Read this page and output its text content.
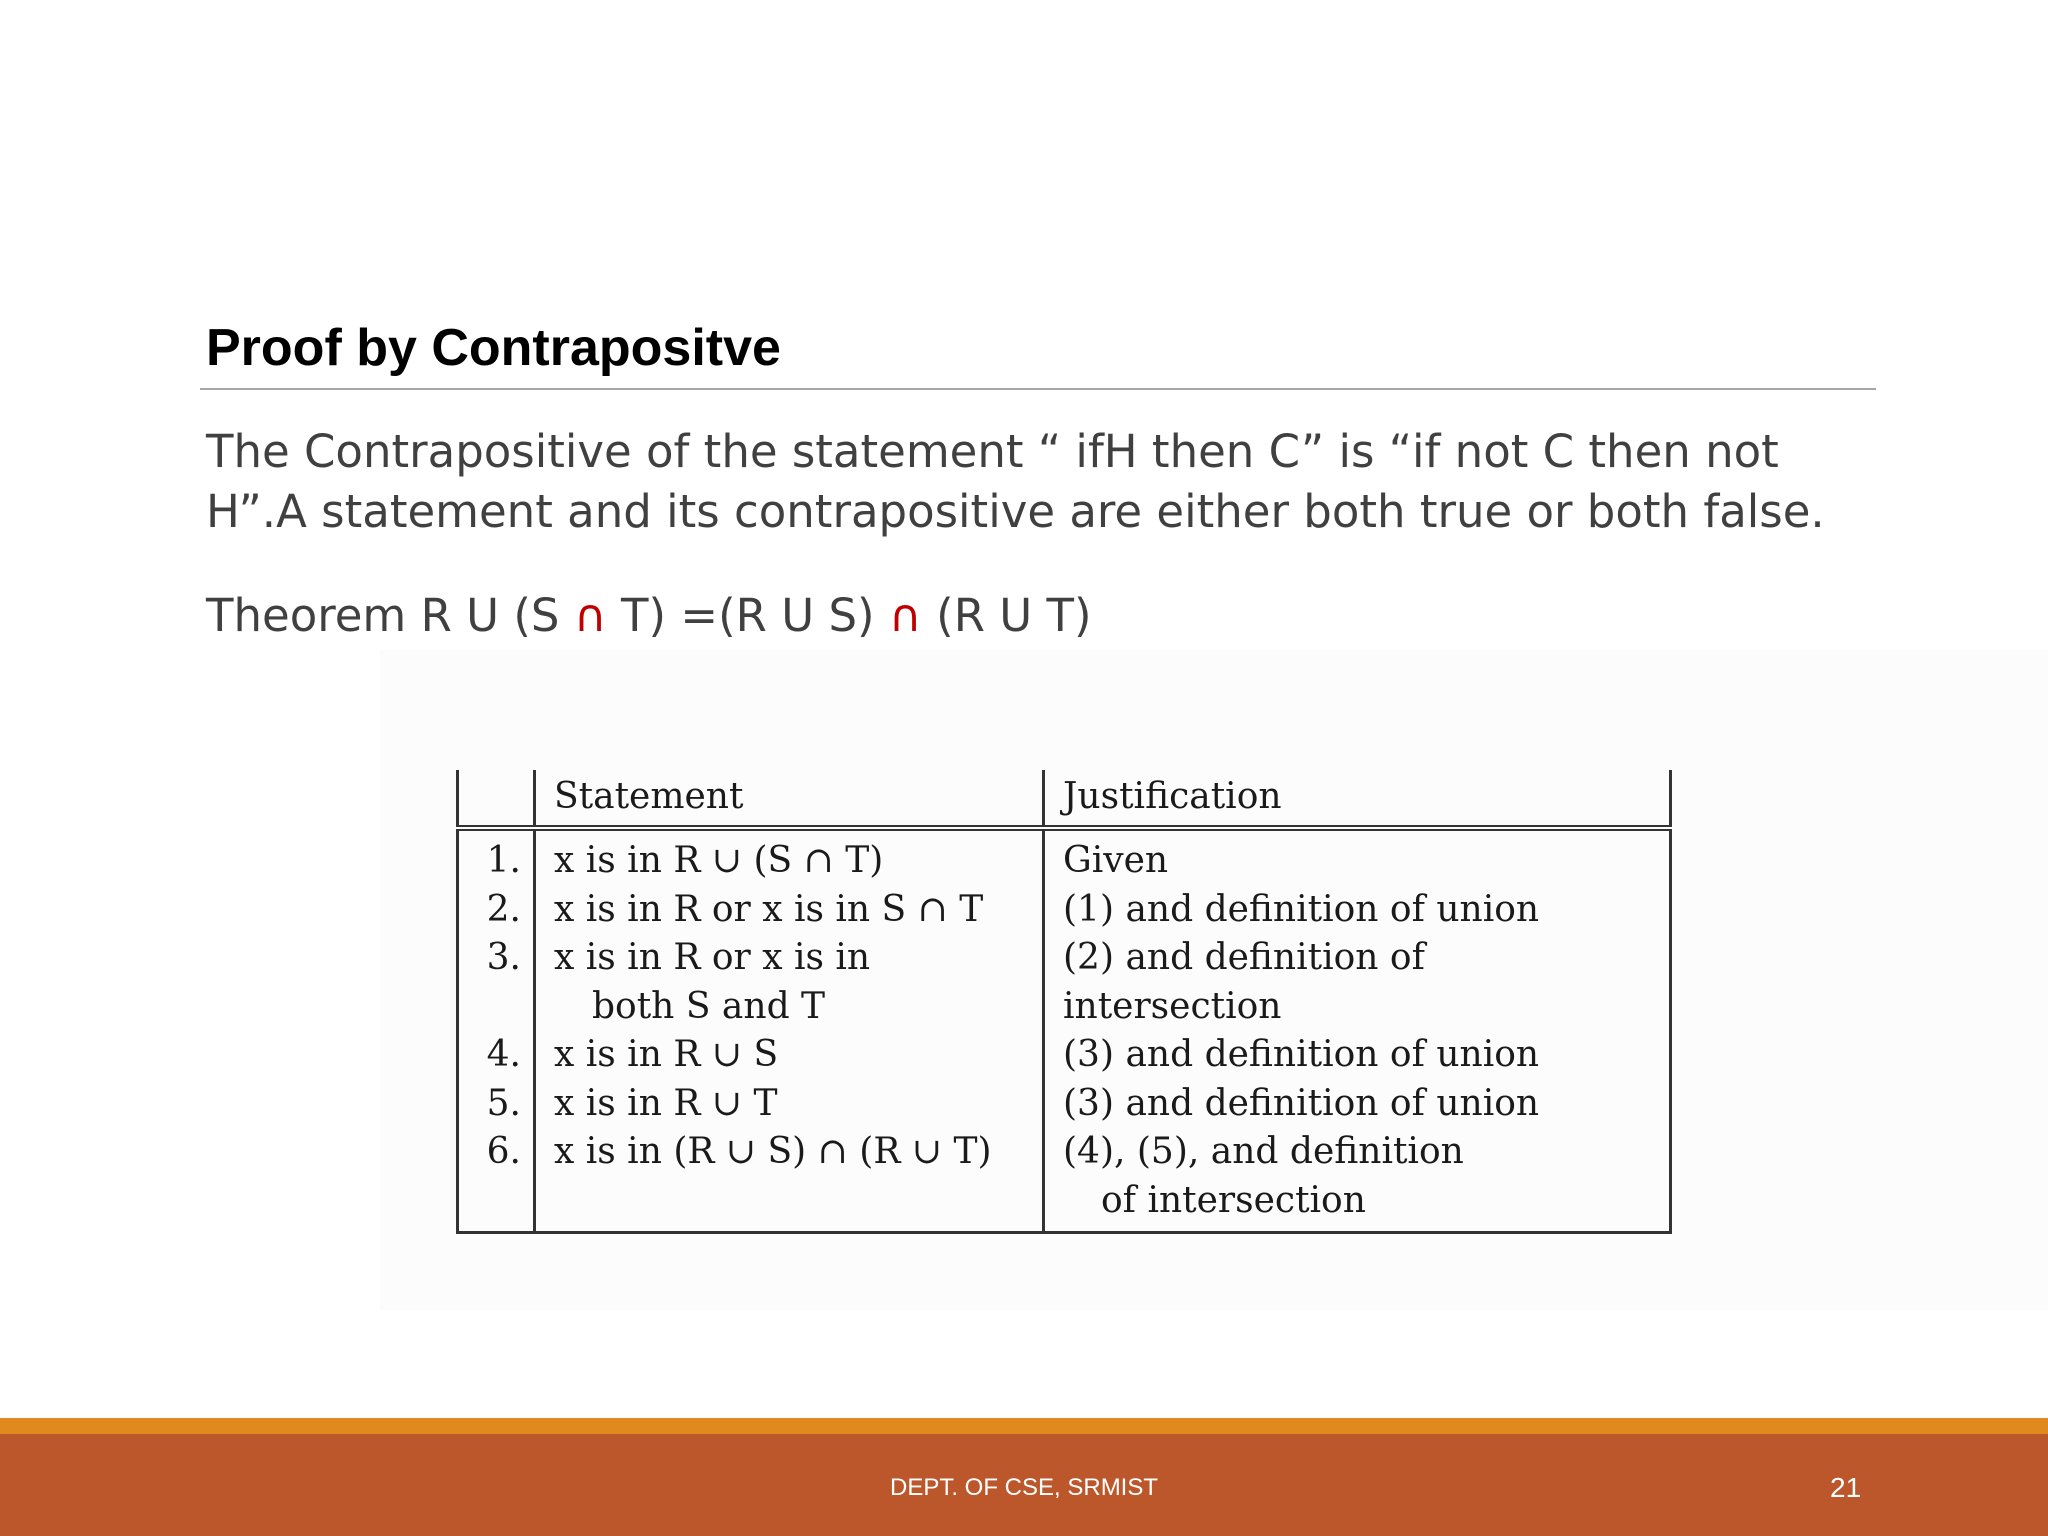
Proof by Contrapositve

The Contrapositive of the statement “ ifH then C” is “if not C then not H”.A statement and its contrapositive are either both true or both false.

Theorem R U (S ∩ T) =(R U S) ∩ (R U T)

	Statement	Justification
1.	x is in R ∪ (S ∩ T)	Given
2.	x is in R or x is in S ∩ T	(1) and definition of union
3.	x is in R or x is in
both S and T	(2) and definition of intersection
4.	x is in R ∪ S	(3) and definition of union
5.	x is in R ∪ T	(3) and definition of union
6.	x is in (R ∪ S) ∩ (R ∪ T)	(4), (5), and definition
of intersection
DEPT. OF CSE, SRMIST	21
